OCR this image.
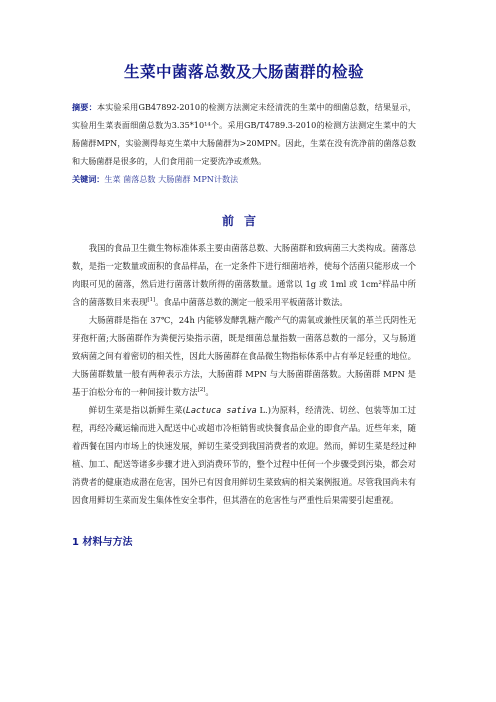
生菜中菌落总数及大肠菌群的检验
摘要：本实验采用GB47892-2010的检测方法测定未经清洗的生菜中的细菌总数，结果显示，实验用生菜表面细菌总数为3.35*10¹⁴个。采用GB/T4789.3-2010的检测方法测定生菜中的大肠菌群MPN，实验测得每克生菜中大肠菌群为>20MPN。因此，生菜在没有洗净前的菌落总数和大肠菌群是很多的，人们食用前一定要洗净或煮熟。
关键词：生菜 菌落总数 大肠菌群 MPN计数法
前言

我国的食品卫生微生物标准体系主要由菌落总数、大肠菌群和致病菌三大类构成。菌落总数，是指一定数量或面积的食品样品，在一定条件下进行细菌培养，使每个活菌只能形成一个肉眼可见的菌落，然后进行菌落计数所得的菌落数量。通常以 1g 或 1ml 或 1cm²样品中所含的菌落数目来表现[1]。食品中菌落总数的测定一般采用平板菌落计数法。

大肠菌群是指在 37℃，24h 内能够发酵乳糖产酸产气的需氧或兼性厌氧的革兰氏阴性无芽孢杆菌;大肠菌群作为粪便污染指示菌，既是细菌总量指数一菌落总数的一部分，又与肠道致病菌之间有着密切的相关性，因此大肠菌群在食品微生物指标体系中占有举足轻重的地位。大肠菌群数量一般有两种表示方法，大肠菌群 MPN 与大肠菌群菌落数。大肠菌群 MPN 是基于泊松分布的一种间接计数方法[2]。

鲜切生菜是指以新鲜生菜(Lactuca sativa L.)为原料，经清洗、切丝、包装等加工过程，再经冷藏运输而进入配送中心或超市冷柜销售或快餐食品企业的即食产品。近些年来，随着西餐在国内市场上的快速发展，鲜切生菜受到我国消费者的欢迎。然而，鲜切生菜是经过种植、加工、配送等诸多步骤才进入到消费环节的，整个过程中任何一个步骤受到污染，都会对消费者的健康造成潜在危害，国外已有因食用鲜切生菜致病的相关案例报道。尽管我国尚未有因食用鲜切生菜而发生集体性安全事件，但其潜在的危害性与严重性后果需要引起重视。

1 材料与方法
